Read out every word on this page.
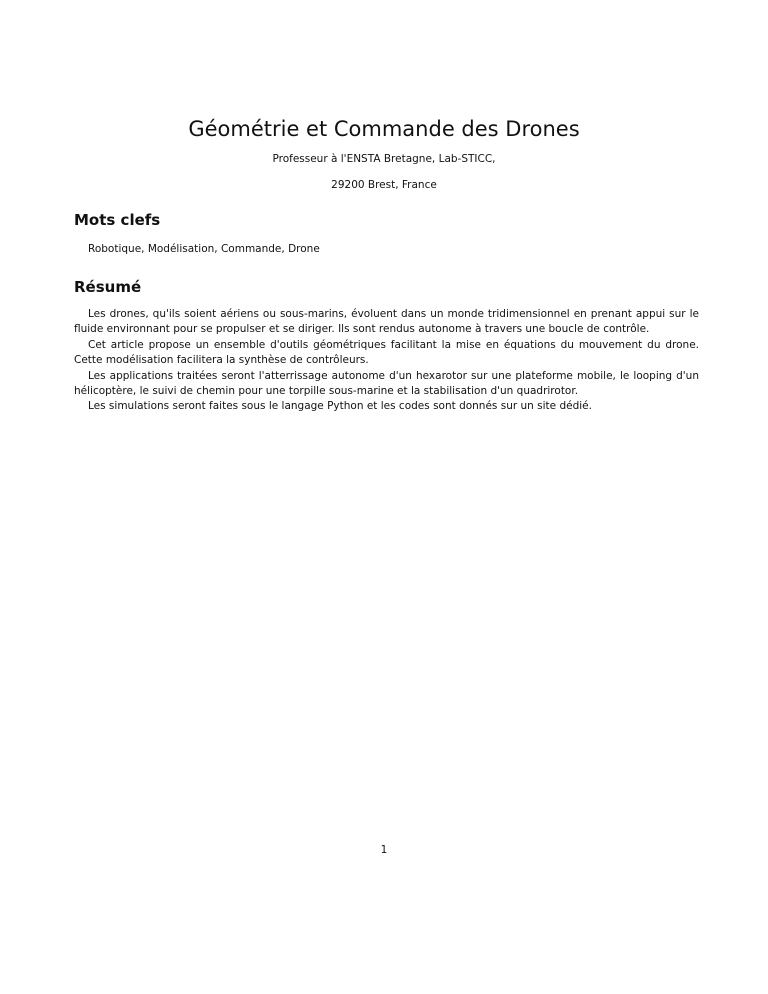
Géométrie et Commande des Drones

Professeur à l'ENSTA Bretagne, Lab-STICC,

29200 Brest, France

Mots clefs

Robotique, Modélisation, Commande, Drone

Résumé

Les drones, qu'ils soient aériens ou sous-marins, évoluent dans un monde tridimensionnel en prenant appui sur le fluide environnant pour se propulser et se diriger. Ils sont rendus autonome à travers une boucle de contrôle.

Cet article propose un ensemble d'outils géométriques facilitant la mise en équations du mouvement du drone. Cette modélisation facilitera la synthèse de contrôleurs.

Les applications traitées seront l'atterrissage autonome d'un hexarotor sur une plateforme mobile, le looping d'un hélicoptère, le suivi de chemin pour une torpille sous-marine et la stabilisation d'un quadrirotor.

Les simulations seront faites sous le langage Python et les codes sont donnés sur un site dédié.

1
